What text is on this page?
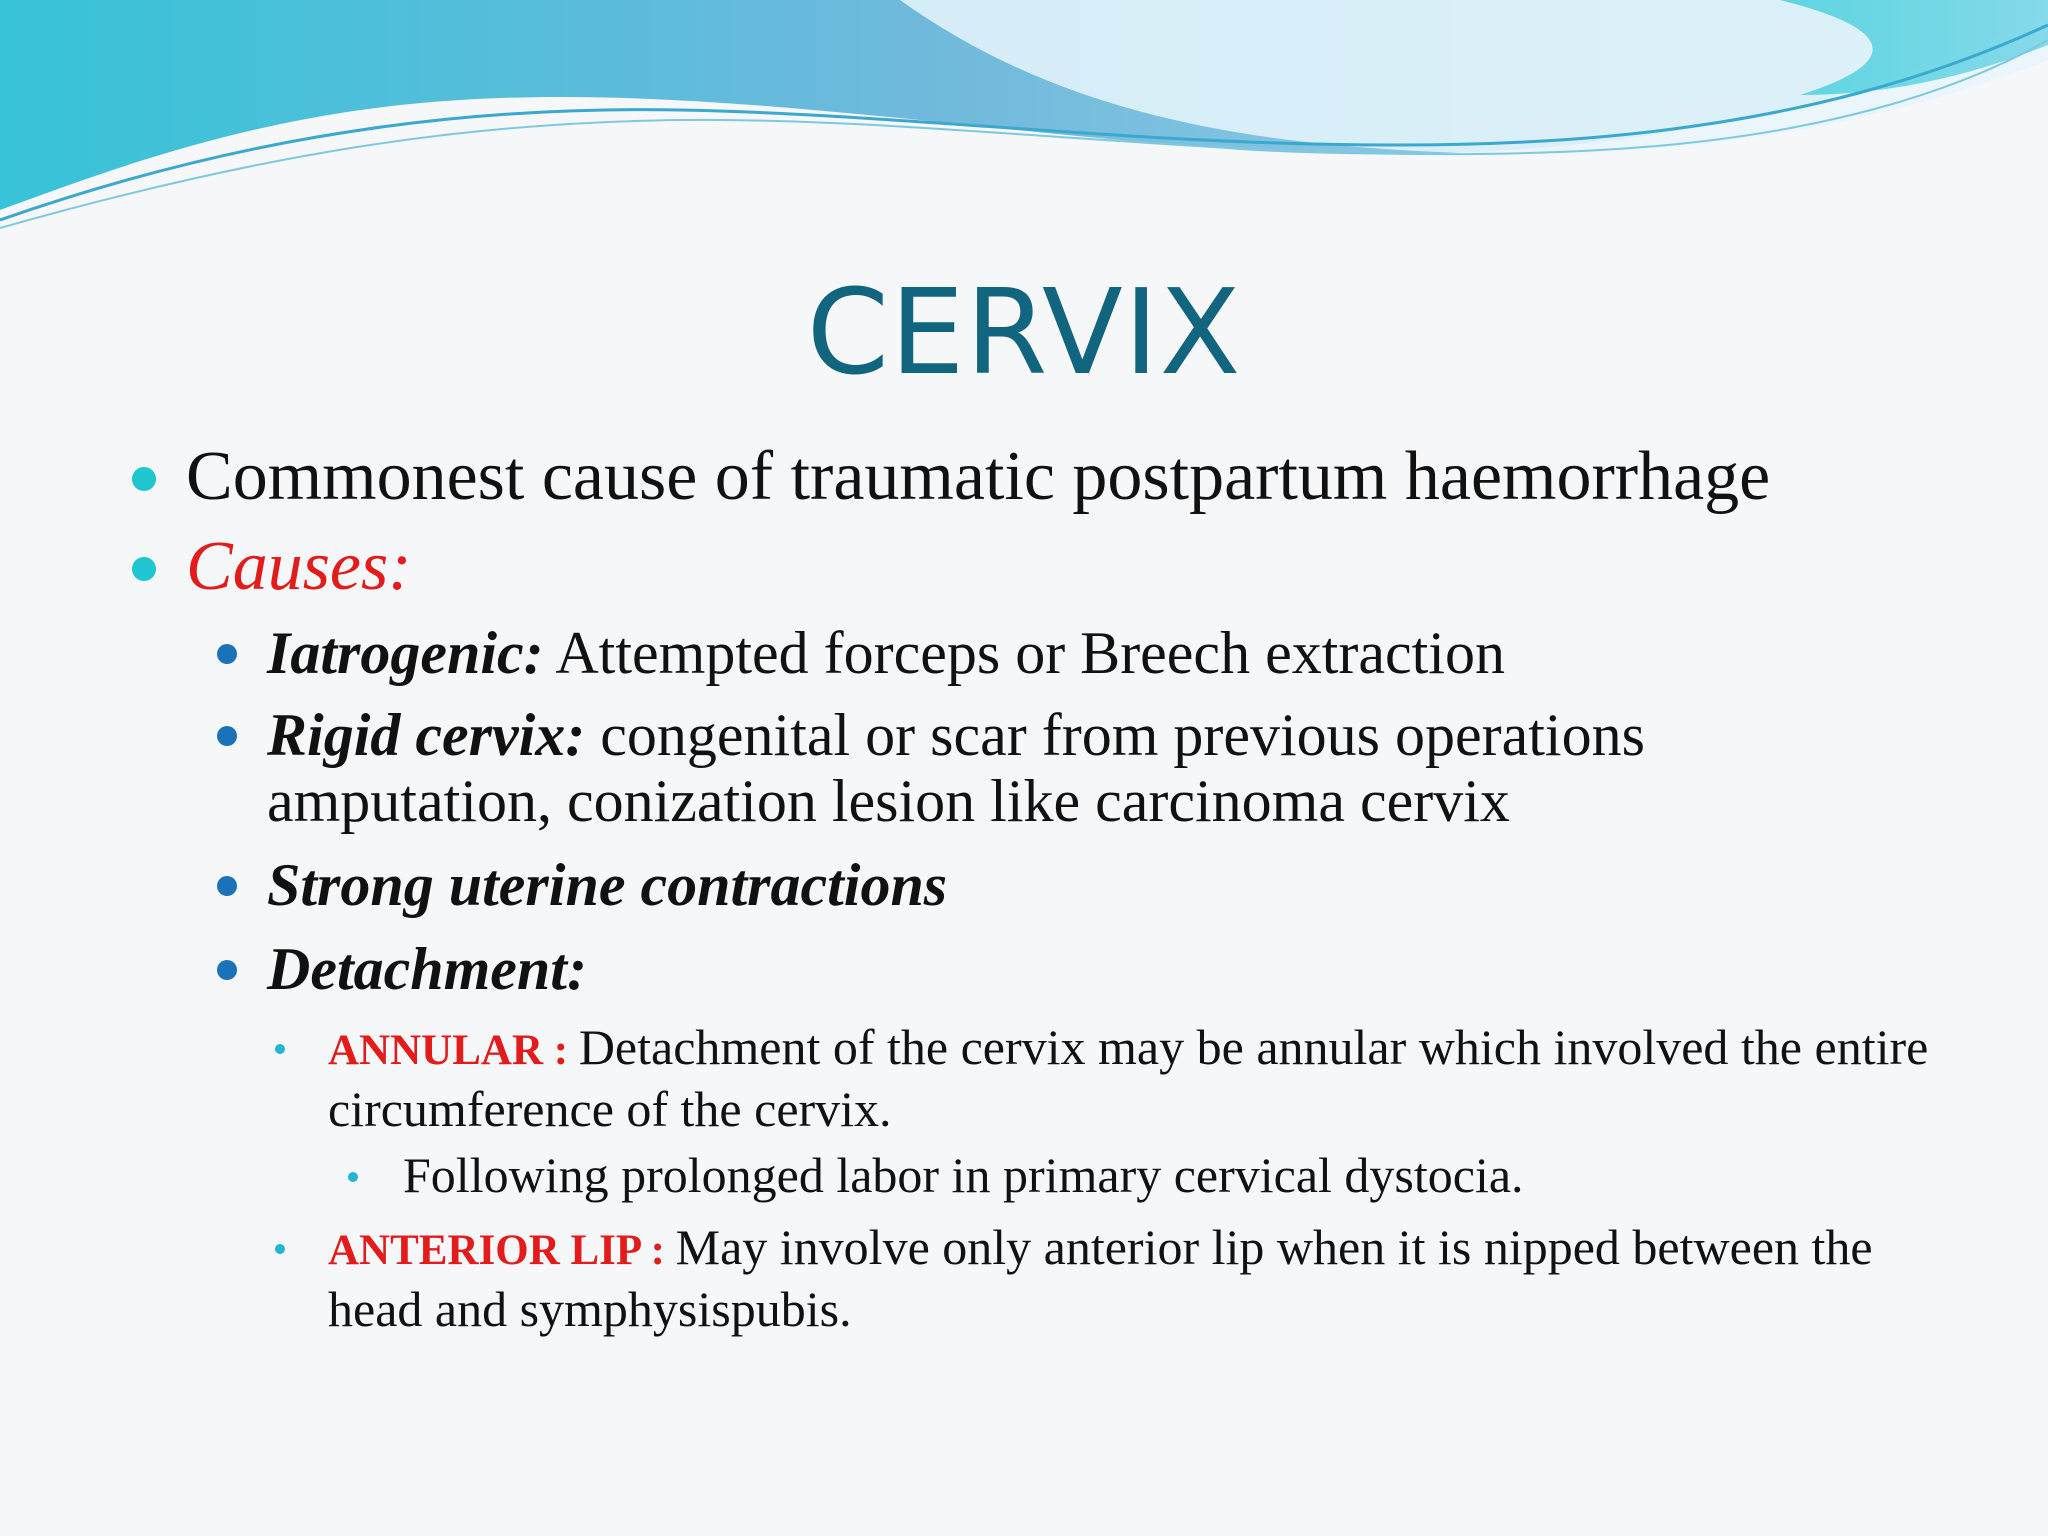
CERVIX
Commonest cause of traumatic postpartum haemorrhage
Causes:
Iatrogenic: Attempted forceps or Breech extraction
Rigid cervix: congenital or scar from previous operations amputation, conization lesion like carcinoma cervix
Strong uterine contractions
Detachment:
ANNULAR : Detachment of the cervix may be annular which involved the entire circumference of the cervix.
Following prolonged labor in primary cervical dystocia.
ANTERIOR LIP : May involve only anterior lip when it is nipped between the head and symphysispubis.
